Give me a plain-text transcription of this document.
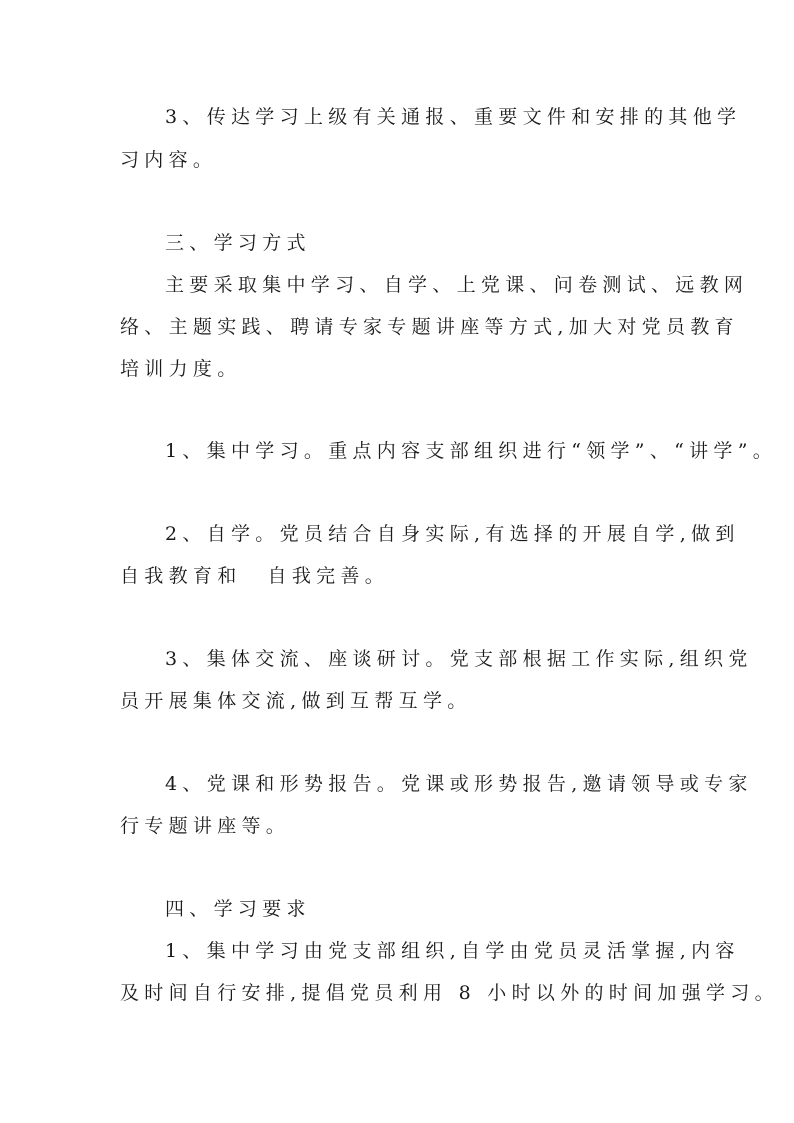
3、传达学习上级有关通报、重要文件和安排的其他学
习内容。
三、学习方式
主要采取集中学习、自学、上党课、问卷测试、远教网
络、主题实践、聘请专家专题讲座等方式,加大对党员教育
培训力度。
1、集中学习。重点内容支部组织进行“领学”、“讲学”。
2、自学。党员结合自身实际,有选择的开展自学,做到
自我教育和 自我完善。
3、集体交流、座谈研讨。党支部根据工作实际,组织党
员开展集体交流,做到互帮互学。
4、党课和形势报告。党课或形势报告,邀请领导或专家
行专题讲座等。
四、学习要求
1、集中学习由党支部组织,自学由党员灵活掌握,内容
及时间自行安排,提倡党员利用 8 小时以外的时间加强学习。
